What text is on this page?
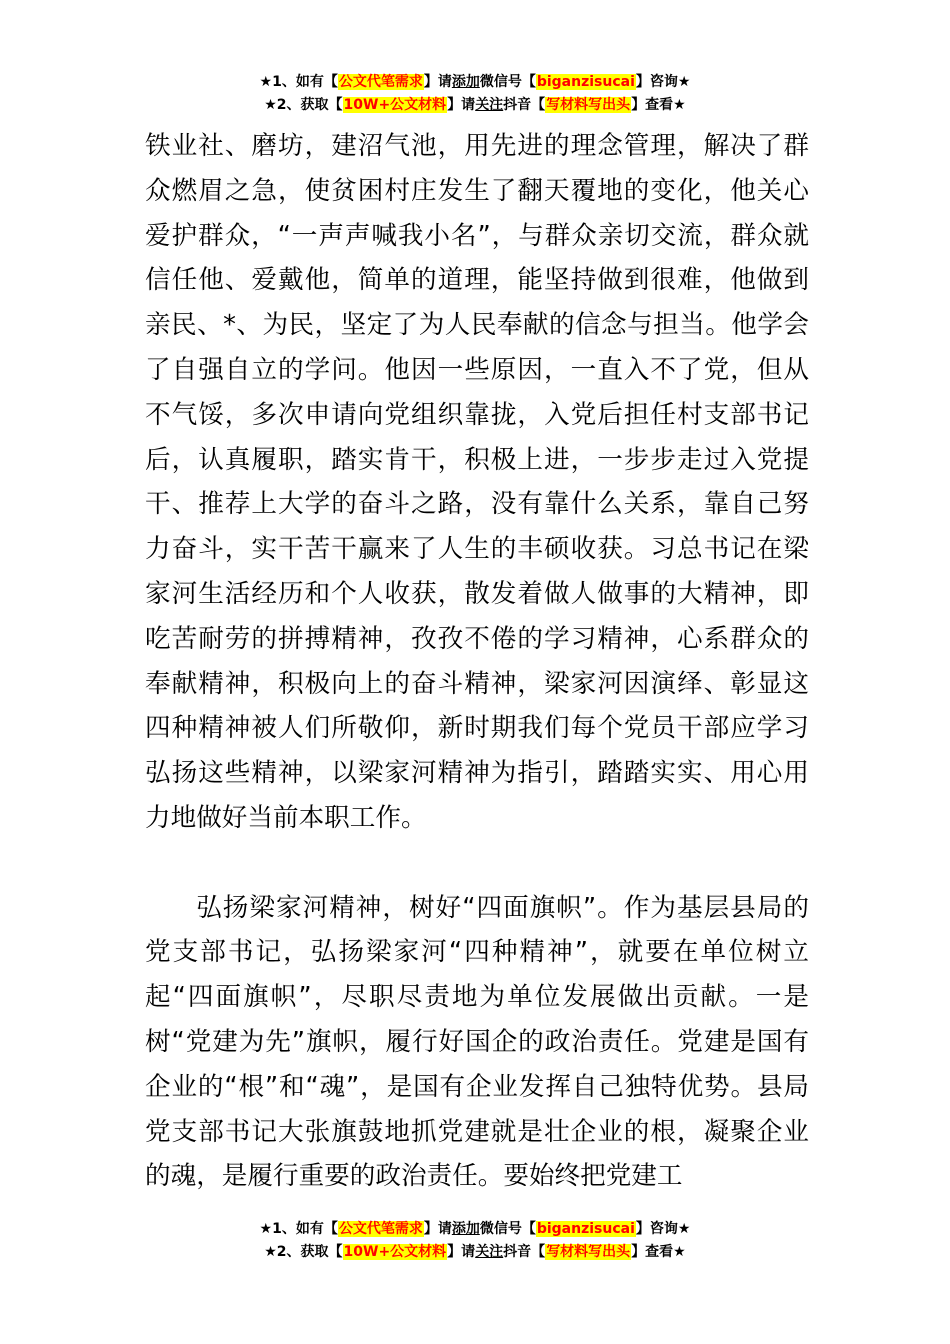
★1、如有【公文代笔需求】请添加微信号【biganzisucai】咨询★
★2、获取【10W+公文材料】请关注抖音【写材料写出头】查看★

铁业社、磨坊，建沼气池，用先进的理念管理，解决了群众燃眉之急，使贫困村庄发生了翻天覆地的变化，他关心爱护群众，“一声声喊我小名”，与群众亲切交流，群众就信任他、爱戴他，简单的道理，能坚持做到很难，他做到亲民、*、为民，坚定了为人民奉献的信念与担当。他学会了自强自立的学问。他因一些原因，一直入不了党，但从不气馁，多次申请向党组织靠拢，入党后担任村支部书记后，认真履职，踏实肯干，积极上进，一步步走过入党提干、推荐上大学的奋斗之路，没有靠什么关系，靠自己努力奋斗，实干苦干赢来了人生的丰硕收获。习总书记在梁家河生活经历和个人收获，散发着做人做事的大精神，即吃苦耐劳的拼搏精神，孜孜不倦的学习精神，心系群众的奉献精神，积极向上的奋斗精神，梁家河因演绎、彰显这四种精神被人们所敬仰，新时期我们每个党员干部应学习弘扬这些精神，以梁家河精神为指引，踏踏实实、用心用力地做好当前本职工作。

弘扬梁家河精神，树好“四面旗帜”。作为基层县局的党支部书记，弘扬梁家河“四种精神”，就要在单位树立起“四面旗帜”，尽职尽责地为单位发展做出贡献。一是树“党建为先”旗帜，履行好国企的政治责任。党建是国有企业的“根”和“魂”，是国有企业发挥自己独特优势。县局党支部书记大张旗鼓地抓党建就是壮企业的根，凝聚企业的魂，是履行重要的政治责任。要始终把党建工

★1、如有【公文代笔需求】请添加微信号【biganzisucai】咨询★
★2、获取【10W+公文材料】请关注抖音【写材料写出头】查看★
